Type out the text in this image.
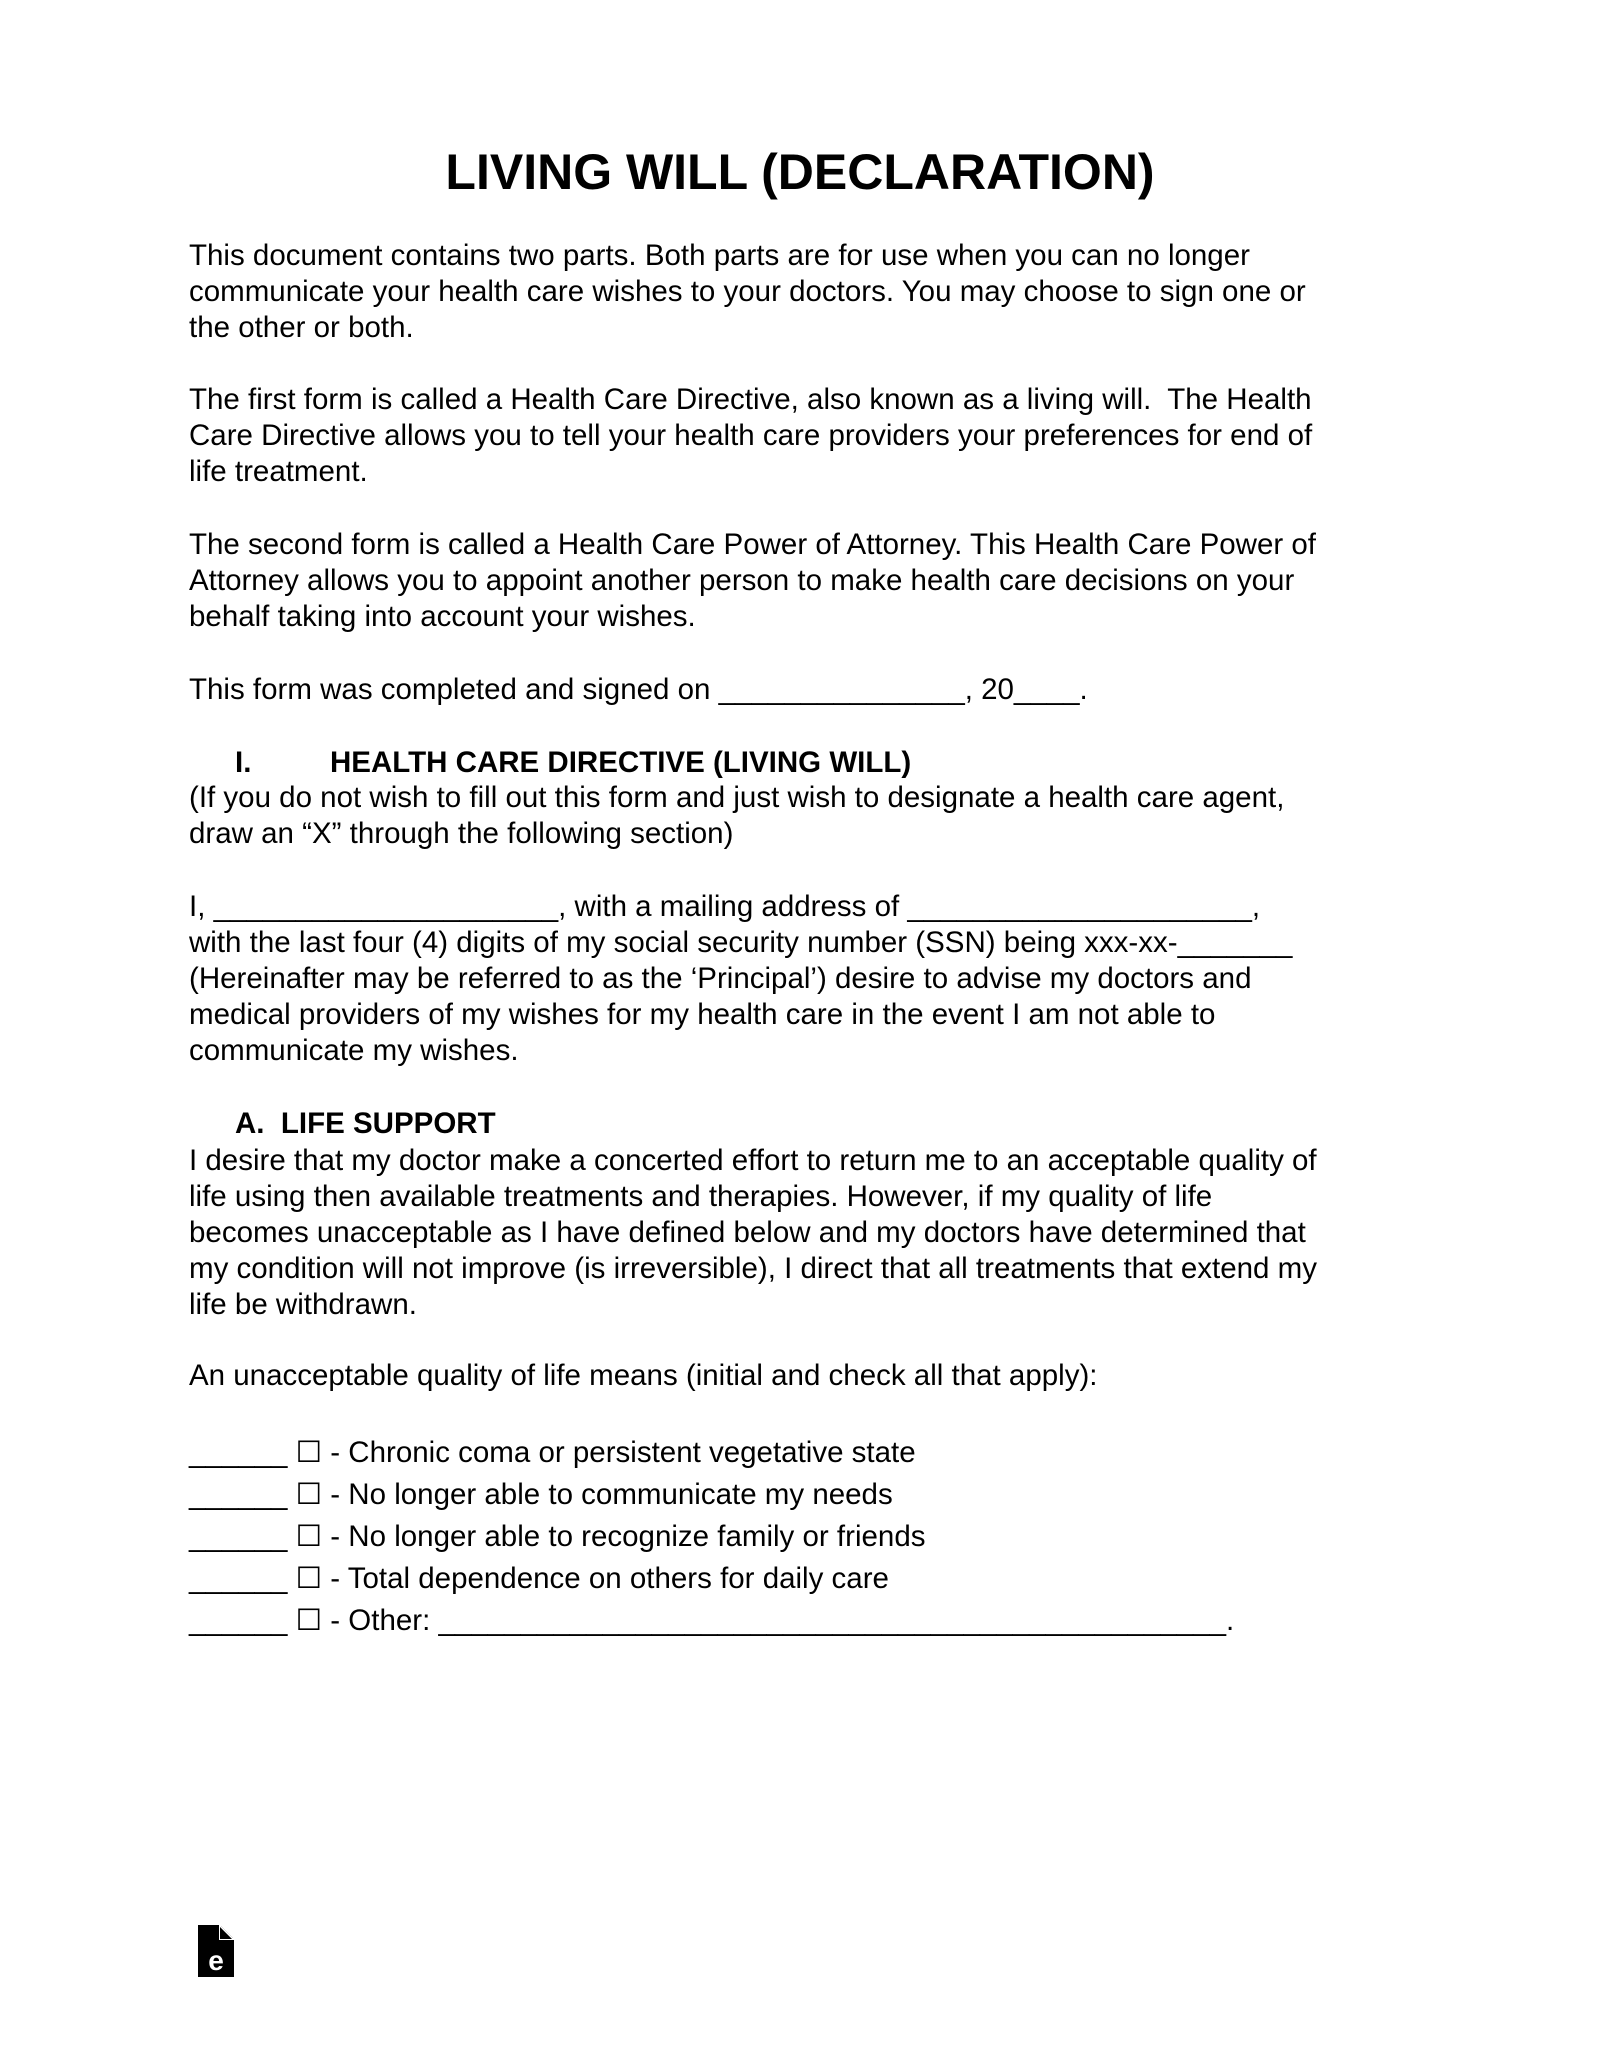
LIVING WILL (DECLARATION)
This document contains two parts. Both parts are for use when you can no longer
communicate your health care wishes to your doctors. You may choose to sign one or
the other or both.
The first form is called a Health Care Directive, also known as a living will.  The Health
Care Directive allows you to tell your health care providers your preferences for end of
life treatment.
The second form is called a Health Care Power of Attorney. This Health Care Power of
Attorney allows you to appoint another person to make health care decisions on your
behalf taking into account your wishes.
This form was completed and signed on _______________, 20____.
I.	HEALTH CARE DIRECTIVE (LIVING WILL)
(If you do not wish to fill out this form and just wish to designate a health care agent,
draw an “X” through the following section)
I, _____________________, with a mailing address of _____________________,
with the last four (4) digits of my social security number (SSN) being xxx-xx-_______
(Hereinafter may be referred to as the ‘Principal’) desire to advise my doctors and
medical providers of my wishes for my health care in the event I am not able to
communicate my wishes.
A.  LIFE SUPPORT
I desire that my doctor make a concerted effort to return me to an acceptable quality of
life using then available treatments and therapies. However, if my quality of life
becomes unacceptable as I have defined below and my doctors have determined that
my condition will not improve (is irreversible), I direct that all treatments that extend my
life be withdrawn.
An unacceptable quality of life means (initial and check all that apply):
______ ☐ - Chronic coma or persistent vegetative state
______ ☐ - No longer able to communicate my needs
______ ☐ - No longer able to recognize family or friends
______ ☐ - Total dependence on others for daily care
______ ☐ - Other: ________________________________________________.
e
